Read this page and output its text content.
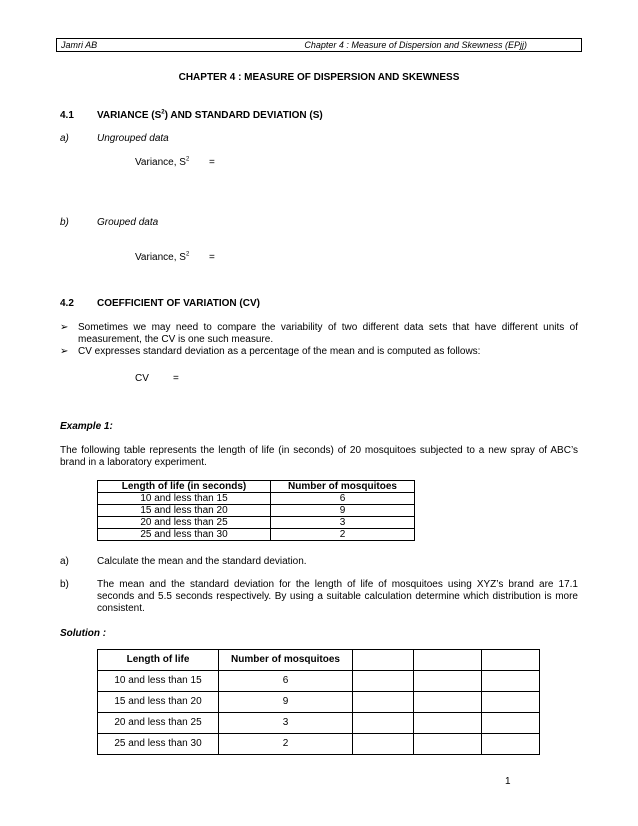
Jamri AB	Chapter 4 : Measure of Dispersion and Skewness (EPjj)
CHAPTER 4 : MEASURE OF DISPERSION AND SKEWNESS
4.1 VARIANCE $(S^2)$ AND STANDARD DEVIATION (S)
a)	Ungrouped data
Variance, $S^2$ =
b)	Grouped data
Variance, $S^2$ =
4.2 COEFFICIENT OF VARIATION (CV)
➢ Sometimes we may need to compare the variability of two different data sets that have different units of measurement, the CV is one such measure.
➢ CV expresses standard deviation as a percentage of the mean and is computed as follows:
CV =
Example 1:
The following table represents the length of life (in seconds) of 20 mosquitoes subjected to a new spray of ABC’s brand in a laboratory experiment.
Length of life (in seconds)	Number of mosquitoes
10 and less than 15	6
15 and less than 20	9
20 and less than 25	3
25 and less than 30	2
a)	Calculate the mean and the standard deviation.
b)	The mean and the standard deviation for the length of life of mosquitoes using XYZ’s brand are 17.1 seconds and 5.5 seconds respectively. By using a suitable calculation determine which distribution is more consistent.
Solution :
Length of life	Number of mosquitoes			
10 and less than 15	6			
15 and less than 20	9			
20 and less than 25	3			
25 and less than 30	2			
1
